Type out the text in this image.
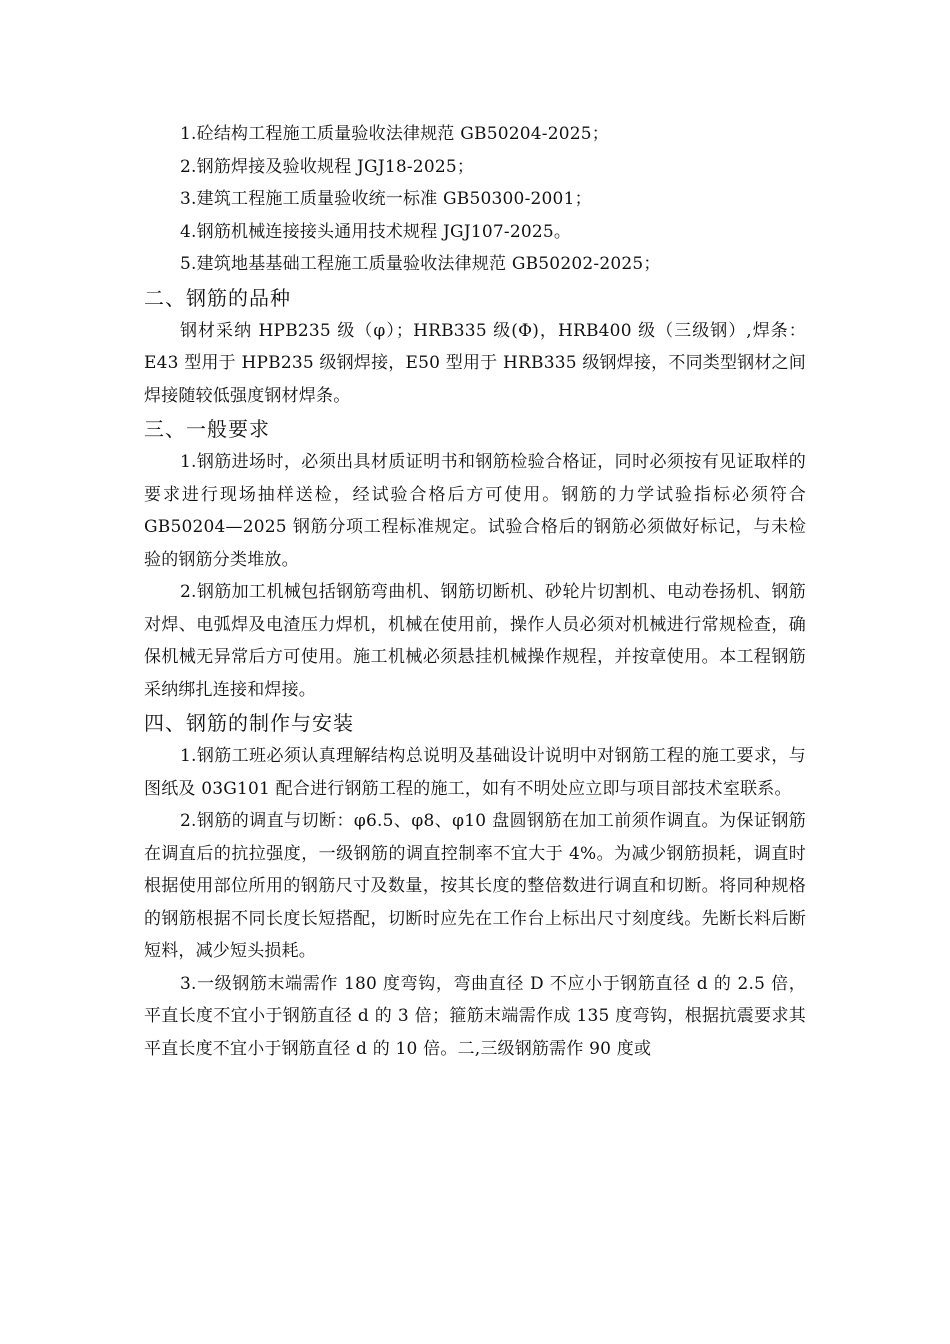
1.砼结构工程施工质量验收法律规范 GB50204-2025；
2.钢筋焊接及验收规程 JGJ18-2025；
3.建筑工程施工质量验收统一标准 GB50300-2001；
4.钢筋机械连接接头通用技术规程 JGJ107-2025。
5.建筑地基基础工程施工质量验收法律规范 GB50202-2025；
二、钢筋的品种

钢材采纳 HPB235 级（φ）；HRB335 级(Φ)，HRB400 级（三级钢）,焊条：E43 型用于 HPB235 级钢焊接，E50 型用于 HRB335 级钢焊接，不同类型钢材之间焊接随较低强度钢材焊条。

三、一般要求

1.钢筋进场时，必须出具材质证明书和钢筋检验合格证，同时必须按有见证取样的要求进行现场抽样送检，经试验合格后方可使用。钢筋的力学试验指标必须符合 GB50204—2025 钢筋分项工程标准规定。试验合格后的钢筋必须做好标记，与未检验的钢筋分类堆放。

2.钢筋加工机械包括钢筋弯曲机、钢筋切断机、砂轮片切割机、电动卷扬机、钢筋对焊、电弧焊及电渣压力焊机，机械在使用前，操作人员必须对机械进行常规检查，确保机械无异常后方可使用。施工机械必须悬挂机械操作规程，并按章使用。本工程钢筋采纳绑扎连接和焊接。

四、钢筋的制作与安装

1.钢筋工班必须认真理解结构总说明及基础设计说明中对钢筋工程的施工要求，与图纸及 03G101 配合进行钢筋工程的施工，如有不明处应立即与项目部技术室联系。

2.钢筋的调直与切断：φ6.5、φ8、φ10 盘圆钢筋在加工前须作调直。为保证钢筋在调直后的抗拉强度，一级钢筋的调直控制率不宜大于 4%。为减少钢筋损耗，调直时根据使用部位所用的钢筋尺寸及数量，按其长度的整倍数进行调直和切断。将同种规格的钢筋根据不同长度长短搭配，切断时应先在工作台上标出尺寸刻度线。先断长料后断短料，减少短头损耗。

3.一级钢筋末端需作 180 度弯钩，弯曲直径 D 不应小于钢筋直径 d 的 2.5 倍，平直长度不宜小于钢筋直径 d 的 3 倍；箍筋末端需作成 135 度弯钩，根据抗震要求其平直长度不宜小于钢筋直径 d 的 10 倍。二,三级钢筋需作 90 度或
